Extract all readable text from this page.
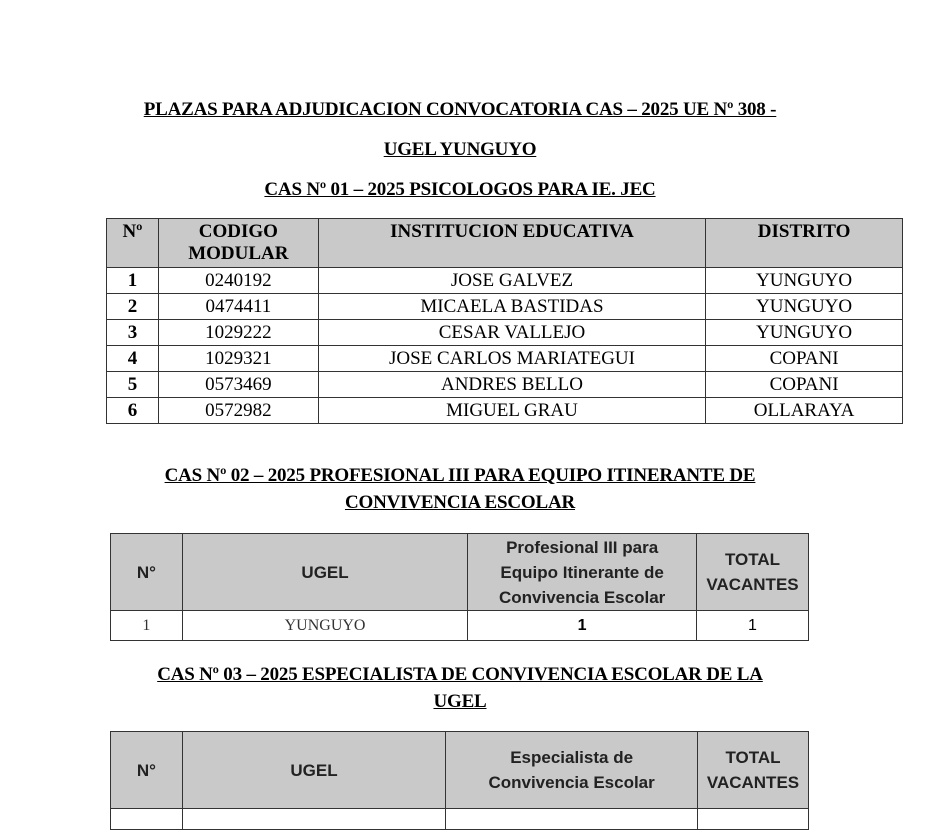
PLAZAS PARA ADJUDICACION CONVOCATORIA CAS – 2025 UE Nº 308 -
UGEL YUNGUYO
CAS Nº 01 – 2025 PSICOLOGOS PARA IE. JEC
Nº	CODIGO MODULAR	INSTITUCION EDUCATIVA	DISTRITO
1	0240192	JOSE GALVEZ	YUNGUYO
2	0474411	MICAELA BASTIDAS	YUNGUYO
3	1029222	CESAR VALLEJO	YUNGUYO
4	1029321	JOSE CARLOS MARIATEGUI	COPANI
5	0573469	ANDRES BELLO	COPANI
6	0572982	MIGUEL GRAU	OLLARAYA
CAS Nº 02 – 2025 PROFESIONAL III PARA EQUIPO ITINERANTE DE
CONVIVENCIA ESCOLAR
N°	UGEL	Profesional III para Equipo Itinerante de Convivencia Escolar	TOTAL VACANTES
1	YUNGUYO	1	1
CAS Nº 03 – 2025 ESPECIALISTA DE CONVIVENCIA ESCOLAR DE LA
UGEL
N°	UGEL	Especialista de Convivencia Escolar	TOTAL VACANTES
